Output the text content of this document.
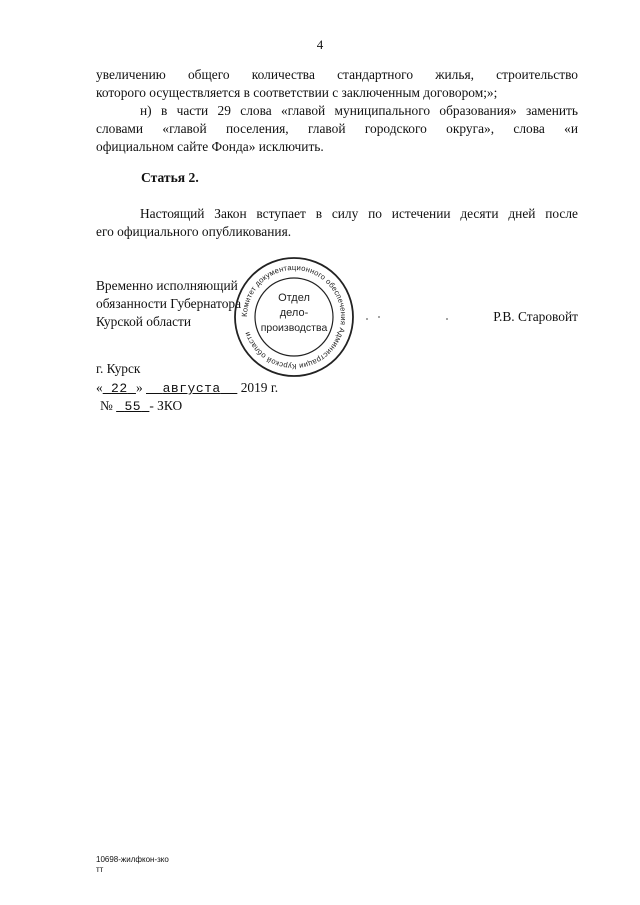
4
увеличению общего количества стандартного жилья, строительство
которого осуществляется в соответствии с заключенным договором;»;
н) в части 29 слова «главой муниципального образования» заменить
словами «главой поселения, главой городского округа», слова «и
официальном сайте Фонда» исключить.
Статья 2.
Настоящий Закон вступает в силу по истечении десяти дней после
его официального опубликования.
Временно исполняющий
обязанности Губернатора
Курской области	Р.В. Старовойт
Комитет документационного обеспечения Администрации Курской области
Отдел
дело-
производства
г. Курск
« 22 » августа 2019 г.
№ 55 - ЗКО
10698-жилфкон-зко
тт
